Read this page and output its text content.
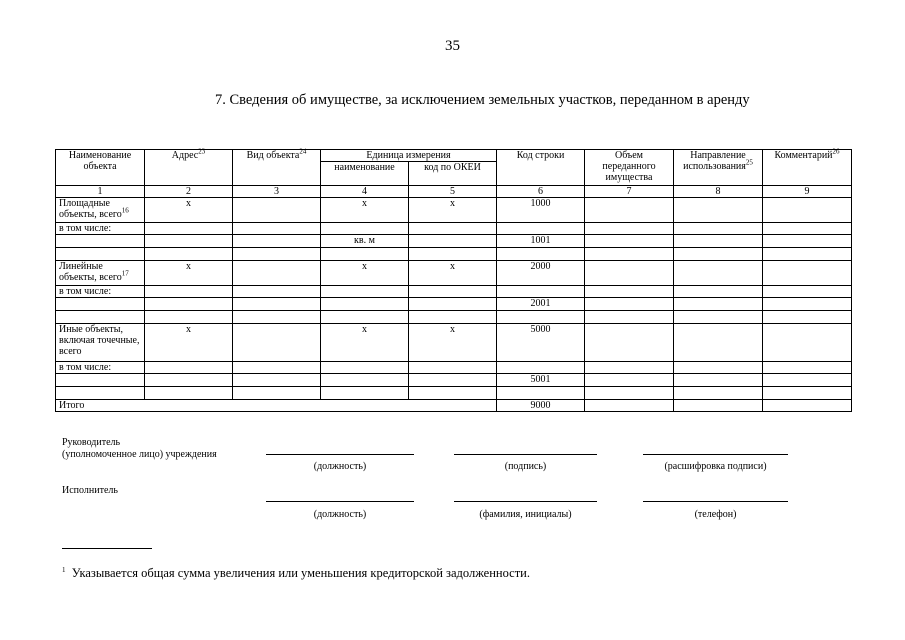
35
7. Сведения об имуществе, за исключением земельных участков, переданном в аренду
Наименование объекта	Адрес$^{23}$	Вид объекта$^{24}$	Единица измерения		Код строки	Объем переданного имущества	Направление использования$^{25}$	Комментарий$^{26}$
			наименование	код по ОКЕИ				
1	2	3	4	5	6	7	8	9
Площадные объекты, всего$^{16}$	x		x	x	1000			
в том числе:								
			кв. м		1001			

Линейные объекты, всего$^{17}$	x		x	x	2000			
в том числе:								
					2001			

Иные объекты, включая точечные, всего	x		x	x	5000			
в том числе:								
					5001			

Итого					9000			
Руководитель
(уполномоченное лицо) учреждения
(должность)	(подпись)	(расшифровка подписи)
Исполнитель
(должность)	(фамилия, инициалы)	(телефон)
$^1$ Указывается общая сумма увеличения или уменьшения кредиторской задолженности.
